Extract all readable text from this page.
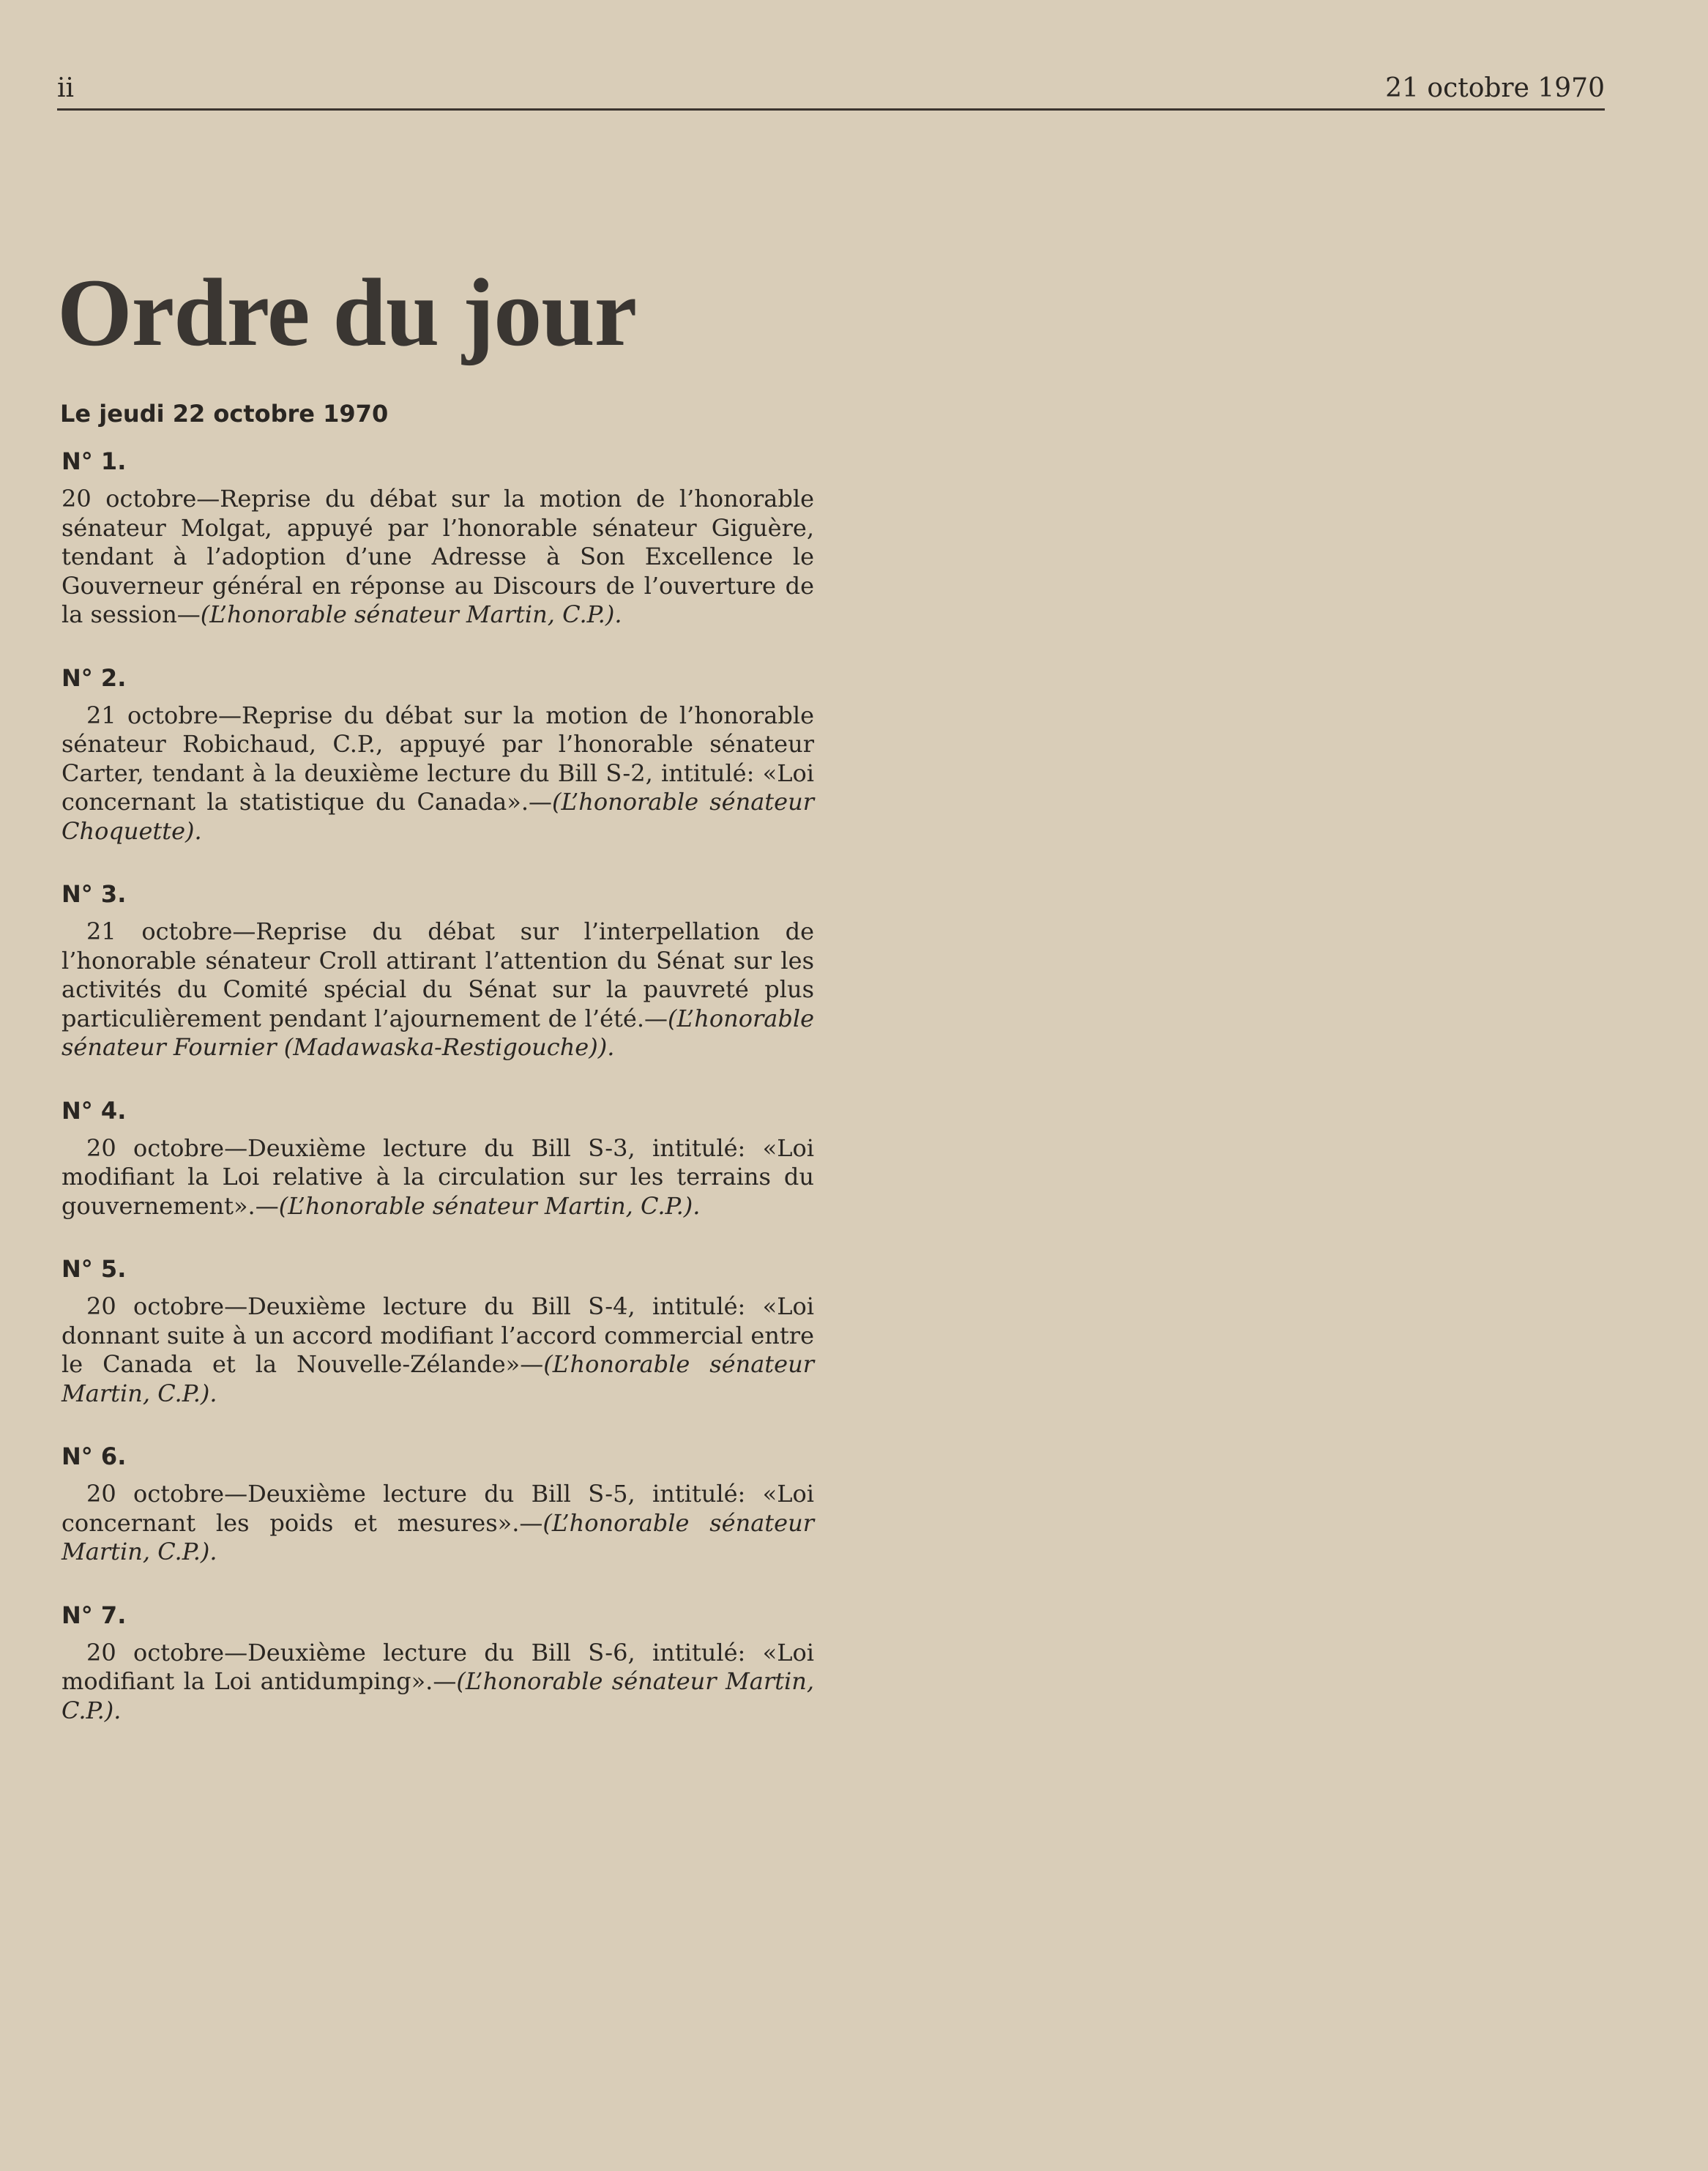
ii	21 octobre 1970
Ordre du jour
Le jeudi 22 octobre 1970
N° 1.
20 octobre—Reprise du débat sur la motion de l’honorable sénateur Molgat, appuyé par l’honorable sénateur Giguère, tendant à l’adoption d’une Adresse à Son Excellence le Gouverneur général en réponse au Discours de l’ouverture de la session—(L’honorable sénateur Martin, C.P.).
N° 2.
21 octobre—Reprise du débat sur la motion de l’honorable sénateur Robichaud, C.P., appuyé par l’honorable sénateur Carter, tendant à la deuxième lecture du Bill S-2, intitulé: «Loi concernant la statistique du Canada».—(L’honorable sénateur Choquette).
N° 3.
21 octobre—Reprise du débat sur l’interpellation de l’honorable sénateur Croll attirant l’attention du Sénat sur les activités du Comité spécial du Sénat sur la pauvreté plus particulièrement pendant l’ajournement de l’été.—(L’honorable sénateur Fournier (Madawaska-Restigouche)).
N° 4.
20 octobre—Deuxième lecture du Bill S-3, intitulé: «Loi modifiant la Loi relative à la circulation sur les terrains du gouvernement».—(L’honorable sénateur Martin, C.P.).
N° 5.
20 octobre—Deuxième lecture du Bill S-4, intitulé: «Loi donnant suite à un accord modifiant l’accord commercial entre le Canada et la Nouvelle-Zélande»—(L’honorable sénateur Martin, C.P.).
N° 6.
20 octobre—Deuxième lecture du Bill S-5, intitulé: «Loi concernant les poids et mesures».—(L’honorable sénateur Martin, C.P.).
N° 7.
20 octobre—Deuxième lecture du Bill S-6, intitulé: «Loi modifiant la Loi antidumping».—(L’honorable sénateur Martin, C.P.).
